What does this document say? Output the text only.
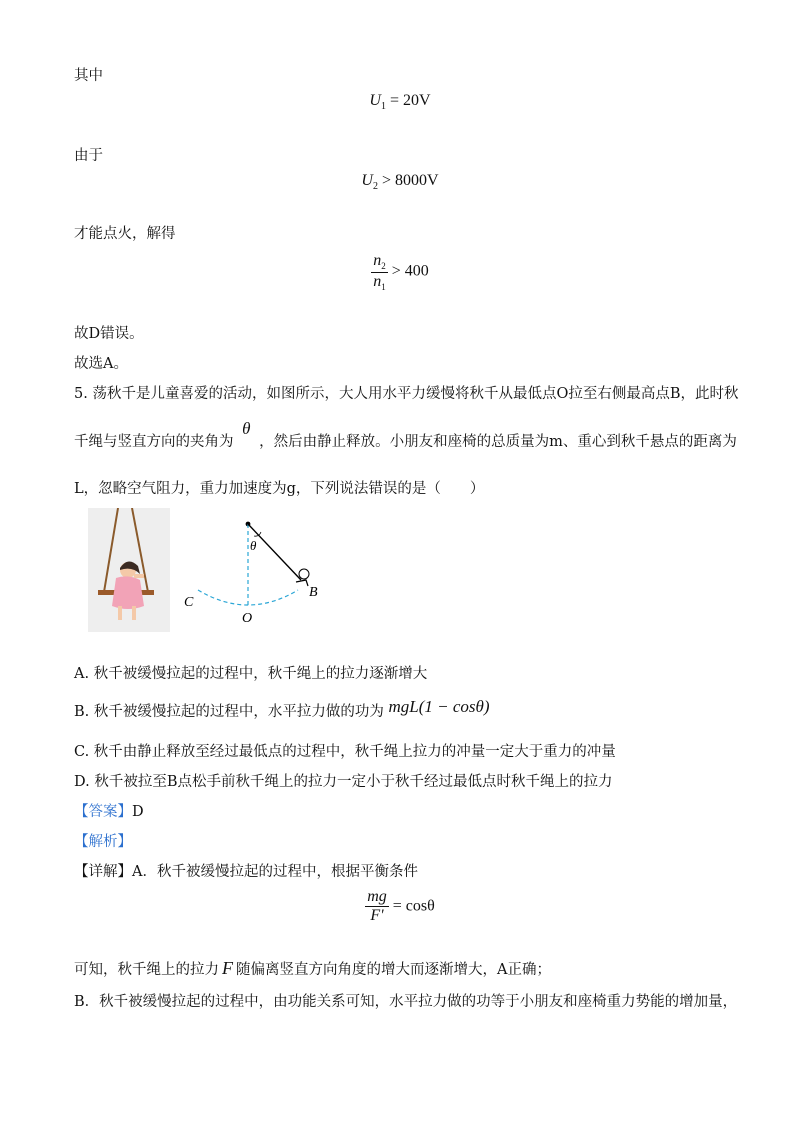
其中
$U_1 = 20V$
由于
$U_2 > 8000V$
才能点火，解得
$\frac{n_2}{n_1} > 400$
故D错误。
故选A。
5. 荡秋千是儿童喜爱的活动，如图所示，大人用水平力缓慢将秋千从最低点O拉至右侧最高点B，此时秋
千绳与竖直方向的夹角为 θ ，然后由静止释放。小朋友和座椅的总质量为m、重心到秋千悬点的距离为
L，忽略空气阻力，重力加速度为g，下列说法错误的是（　　）
θ
B
C
O
A. 秋千被缓慢拉起的过程中，秋千绳上的拉力逐渐增大
B. 秋千被缓慢拉起的过程中，水平拉力做的功为 mgL(1 − cosθ)
C. 秋千由静止释放至经过最低点的过程中，秋千绳上拉力的冲量一定大于重力的冲量
D. 秋千被拉至B点松手前秋千绳上的拉力一定小于秋千经过最低点时秋千绳上的拉力
【答案】D
【解析】
【详解】A．秋千被缓慢拉起的过程中，根据平衡条件
$\frac{mg}{F'} = \cos\theta$
可知，秋千绳上的拉力 F 随偏离竖直方向角度的增大而逐渐增大，A正确；
B．秋千被缓慢拉起的过程中，由功能关系可知，水平拉力做的功等于小朋友和座椅重力势能的增加量，
